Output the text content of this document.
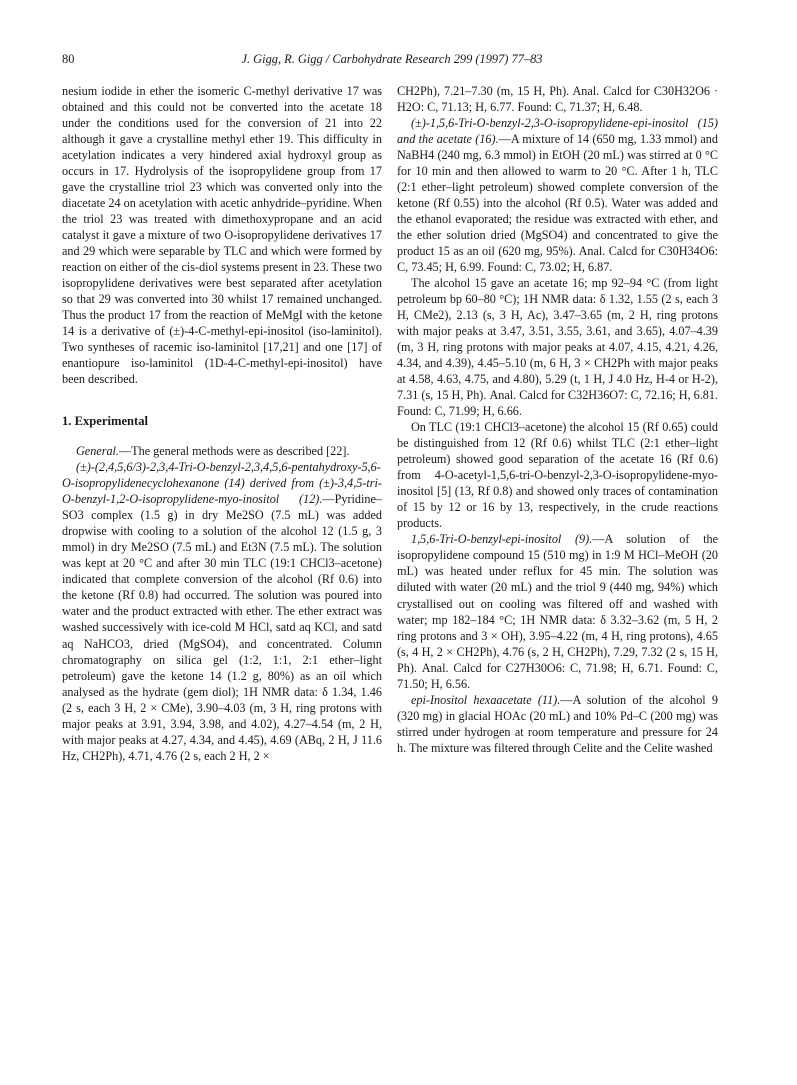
80	J. Gigg, R. Gigg / Carbohydrate Research 299 (1997) 77–83

nesium iodide in ether the isomeric C-methyl derivative 17 was obtained and this could not be converted into the acetate 18 under the conditions used for the conversion of 21 into 22 although it gave a crystalline methyl ether 19. This difficulty in acetylation indicates a very hindered axial hydroxyl group as occurs in 17. Hydrolysis of the isopropylidene group from 17 gave the crystalline triol 23 which was converted only into the diacetate 24 on acetylation with acetic anhydride–pyridine. When the triol 23 was treated with dimethoxypropane and an acid catalyst it gave a mixture of two O-isopropylidene derivatives 17 and 29 which were separable by TLC and which were formed by reaction on either of the cis-diol systems present in 23. These two isopropylidene derivatives were best separated after acetylation so that 29 was converted into 30 whilst 17 remained unchanged. Thus the product 17 from the reaction of MeMgI with the ketone 14 is a derivative of (±)-4-C-methyl-epi-inositol (iso-laminitol). Two syntheses of racemic iso-laminitol [17,21] and one [17] of enantiopure iso-laminitol (1D-4-C-methyl-epi-inositol) have been described.

1. Experimental

General.—The general methods were as described [22].

(±)-(2,4,5,6/3)-2,3,4-Tri-O-benzyl-2,3,4,5,6-pentahydroxy-5,6-O-isopropylidenecyclohexanone (14) derived from (±)-3,4,5-tri-O-benzyl-1,2-O-isopropylidene-myo-inositol (12).—Pyridine–SO3 complex (1.5 g) in dry Me2SO (7.5 mL) was added dropwise with cooling to a solution of the alcohol 12 (1.5 g, 3 mmol) in dry Me2SO (7.5 mL) and Et3N (7.5 mL). The solution was kept at 20 °C and after 30 min TLC (19:1 CHCl3–acetone) indicated that complete conversion of the alcohol (Rf 0.6) into the ketone (Rf 0.8) had occurred. The solution was poured into water and the product extracted with ether. The ether extract was washed successively with ice-cold M HCl, satd aq KCl, and satd aq NaHCO3, dried (MgSO4), and concentrated. Column chromatography on silica gel (1:2, 1:1, 2:1 ether–light petroleum) gave the ketone 14 (1.2 g, 80%) as an oil which analysed as the hydrate (gem diol); 1H NMR data: δ 1.34, 1.46 (2 s, each 3 H, 2 × CMe), 3.90–4.03 (m, 3 H, ring protons with major peaks at 3.91, 3.94, 3.98, and 4.02), 4.27–4.54 (m, 2 H, with major peaks at 4.27, 4.34, and 4.45), 4.69 (ABq, 2 H, J 11.6 Hz, CH2Ph), 4.71, 4.76 (2 s, each 2 H, 2 ×

CH2Ph), 7.21–7.30 (m, 15 H, Ph). Anal. Calcd for C30H32O6 · H2O: C, 71.13; H, 6.77. Found: C, 71.37; H, 6.48.

(±)-1,5,6-Tri-O-benzyl-2,3-O-isopropylidene-epi-inositol (15) and the acetate (16).—A mixture of 14 (650 mg, 1.33 mmol) and NaBH4 (240 mg, 6.3 mmol) in EtOH (20 mL) was stirred at 0 °C for 10 min and then allowed to warm to 20 °C. After 1 h, TLC (2:1 ether–light petroleum) showed complete conversion of the ketone (Rf 0.55) into the alcohol (Rf 0.5). Water was added and the ethanol evaporated; the residue was extracted with ether, and the ether solution dried (MgSO4) and concentrated to give the product 15 as an oil (620 mg, 95%). Anal. Calcd for C30H34O6: C, 73.45; H, 6.99. Found: C, 73.02; H, 6.87.

The alcohol 15 gave an acetate 16; mp 92–94 °C (from light petroleum bp 60–80 °C); 1H NMR data: δ 1.32, 1.55 (2 s, each 3 H, CMe2), 2.13 (s, 3 H, Ac), 3.47–3.65 (m, 2 H, ring protons with major peaks at 3.47, 3.51, 3.55, 3.61, and 3.65), 4.07–4.39 (m, 3 H, ring protons with major peaks at 4.07, 4.15, 4.21, 4.26, 4.34, and 4.39), 4.45–5.10 (m, 6 H, 3 × CH2Ph with major peaks at 4.58, 4.63, 4.75, and 4.80), 5.29 (t, 1 H, J 4.0 Hz, H-4 or H-2), 7.31 (s, 15 H, Ph). Anal. Calcd for C32H36O7: C, 72.16; H, 6.81. Found: C, 71.99; H, 6.66.

On TLC (19:1 CHCl3–acetone) the alcohol 15 (Rf 0.65) could be distinguished from 12 (Rf 0.6) whilst TLC (2:1 ether–light petroleum) showed good separation of the acetate 16 (Rf 0.6) from 4-O-acetyl-1,5,6-tri-O-benzyl-2,3-O-isopropylidene-myo-inositol [5] (13, Rf 0.8) and showed only traces of contamination of 15 by 12 or 16 by 13, respectively, in the crude reactions products.

1,5,6-Tri-O-benzyl-epi-inositol (9).—A solution of the isopropylidene compound 15 (510 mg) in 1:9 M HCl–MeOH (20 mL) was heated under reflux for 45 min. The solution was diluted with water (20 mL) and the triol 9 (440 mg, 94%) which crystallised out on cooling was filtered off and washed with water; mp 182–184 °C; 1H NMR data: δ 3.32–3.62 (m, 5 H, 2 ring protons and 3 × OH), 3.95–4.22 (m, 4 H, ring protons), 4.65 (s, 4 H, 2 × CH2Ph), 4.76 (s, 2 H, CH2Ph), 7.29, 7.32 (2 s, 15 H, Ph). Anal. Calcd for C27H30O6: C, 71.98; H, 6.71. Found: C, 71.50; H, 6.56.

epi-Inositol hexaacetate (11).—A solution of the alcohol 9 (320 mg) in glacial HOAc (20 mL) and 10% Pd–C (200 mg) was stirred under hydrogen at room temperature and pressure for 24 h. The mixture was filtered through Celite and the Celite washed
